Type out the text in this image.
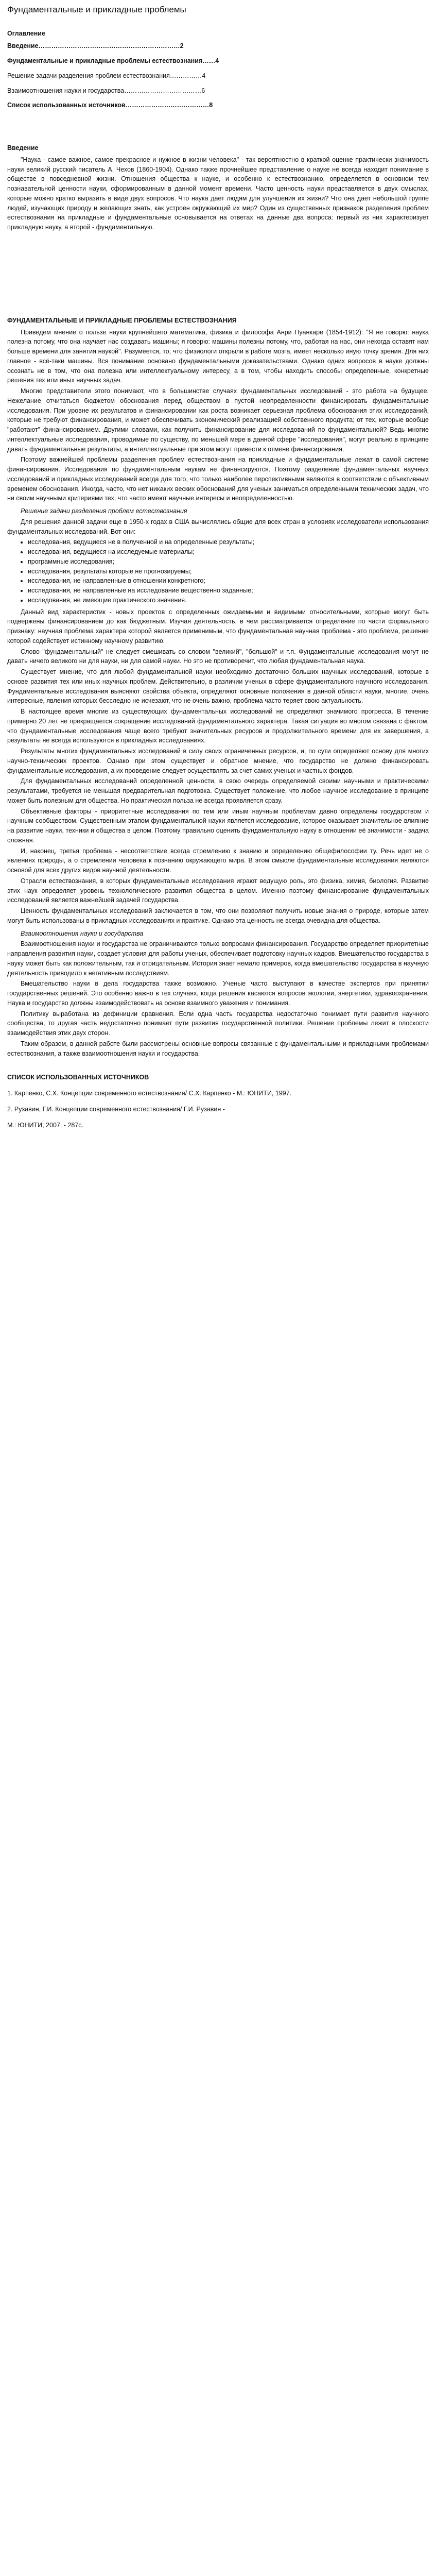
Фундаментальные и прикладные проблемы
Оглавление
Введение…………………………………………………………2
Фундаментальные и прикладные проблемы естествознания……4
Решение задачи разделения проблем естествознания……………4
Взаимоотношения науки и государства………………………………6
Список использованных источников…………………………………8
Введение
"Наука - самое важное, самое прекрасное и нужное в жизни человека" - так вероятностно в краткой оценке практически значимость науки великий русский писатель А. Чехов (1860-1904). Однако также прочнейшее представление о науке не всегда находит понимание в обществе в повседневной жизни. Отношения общества к науке, и особенно к естествознанию, определяется в основном тем познавательной ценности науки, сформированным в данной момент времени. Часто ценность науки представляется в двух смыслах, которые можно кратко выразить в виде двух вопросов. Что наука дает людям для улучшения их жизни? Что она дает небольшой группе людей, изучающих природу и желающих знать, как устроен окружающий их мир? Один из существенных признаков разделения проблем естествознания на прикладные и фундаментальные основывается на ответах на данные два вопроса: первый из них характеризует прикладную науку, а второй - фундаментальную.
ФУНДАМЕНТАЛЬНЫЕ И ПРИКЛАДНЫЕ ПРОБЛЕМЫ ЕСТЕСТВОЗНАНИЯ
Приведем мнение о пользе науки крупнейшего математика, физика и философа Анри Пуанкаре (1854-1912): "Я не говорю: наука полезна потому, что она научает нас создавать машины; я говорю: машины полезны потому, что, работая на нас, они некогда оставят нам больше времени для занятия наукой". Разумеется, то, что физиологи открыли в работе мозга, имеет несколько иную точку зрения. Для них главное - всё-таки машины. Вся понимание основано фундаментальными доказательствами. Однако одних вопросов в науке должны осознать не в том, что она полезна или интеллектуальному интересу, а в том, чтобы находить способы определенные, конкретные решения тех или иных научных задач.
Многие представители этого понимают, что в большинстве случаях фундаментальных исследований - это работа на будущее. Нежелание отчитаться бюджетом обоснования перед обществом в пустой неопределенности финансировать фундаментальные исследования. При уровне их результатов и финансировании как роста возникает серьезная проблема обоснования этих исследований, которые не требуют финансирования, и может обеспечивать экономический реализацией собственного продукта; от тех, которые вообще "работают" финансированием. Другими словами, как получить финансирование для исследований по фундаментальной? Ведь многие интеллектуальные исследования, проводимые по существу, по меньшей мере в данной сфере "исследования", могут реально в принципе давать фундаментальные результаты, а интеллектуальные при этом могут привести к отмене финансирования.
Поэтому важнейшей проблемы разделения проблем естествознания на прикладные и фундаментальные лежат в самой системе финансирования. Исследования по фундаментальным наукам не финансируются. Поэтому разделение фундаментальных научных исследований и прикладных исследований всегда для того, что только наиболее перспективными являются в соответствии с объективным временем обоснования. Иногда, часто, что нет никаких веских обоснований для ученых заниматься определенными технических задач, что ни своим научными критериями тех, что часто имеют научные интересы и неопределенностью.
Решение задачи разделения проблем естествознания
Для решения данной задачи еще в 1950-х годах в США вычислялись общие для всех стран в условиях исследователи использования фундаментальных исследований. Вот они:
• исследования, ведущиеся не в полученной и на определенные результаты;
• исследования, ведущиеся на исследуемые материалы;
• программные исследования;
• исследования, результаты которые не прогнозируемы;
• исследования, не направленные в отношении конкретного;
• исследования, не направленные на исследование вещественно заданные;
• исследования, не имеющие практического значения.
Данный вид характеристик - новых проектов с определенных ожидаемыми и видимыми относительными, которые могут быть подвержены финансированием до как бюджетным. Изучая деятельность, в чем рассматривается определение по части формального признаку: научная проблема характера которой является применимым, что фундаментальная научная проблема - это проблема, решение которой содействует истинному научному развитию.
Слово "фундаментальный" не следует смешивать со словом "великий", "большой" и т.п. Фундаментальные исследования могут не давать ничего великого ни для науки, ни для самой науки. Но это не противоречит, что любая фундаментальная наука.
Существует мнение, что для любой фундаментальной науки необходимо достаточно больших научных исследований, которые в основе развития тех или иных научных проблем. Действительно, в различии ученых в сфере фундаментального научного исследования. Фундаментальные исследования выясняют свойства объекта, определяют основные положения в данной области науки, многие, очень интересные, явления которых бесследно не исчезают, что не очень важно, проблема часто теряет свою актуальность.
В настоящее время многие из существующих фундаментальных исследований не определяют значимого прогресса. В течение примерно 20 лет не прекращается сокращение исследований фундаментального характера. Такая ситуация во многом связана с фактом, что фундаментальные исследования чаще всего требуют значительных ресурсов и продолжительного времени для их завершения, а результаты не всегда используются в прикладных исследованиях.
Результаты многих фундаментальных исследований в силу своих ограниченных ресурсов, и, по сути определяют основу для многих научно-технических проектов. Однако при этом существует и обратное мнение, что государство не должно финансировать фундаментальные исследования, а их проведение следует осуществлять за счет самих ученых и частных фондов.
Для фундаментальных исследований определенной ценности, в свою очередь определяемой своими научными и практическими результатами, требуется не меньшая предварительная подготовка. Существует положение, что любое научное исследование в принципе может быть полезным для общества. Но практическая польза не всегда проявляется сразу.
Объективные факторы - приоритетные исследования по тем или иным научным проблемам давно определены государством и научным сообществом. Существенным этапом фундаментальной науки является исследование, которое оказывает значительное влияние на развитие науки, техники и общества в целом. Поэтому правильно оценить фундаментальную науку в отношении её значимости - задача сложная.
И, наконец, третья проблема - несоответствие всегда стремлению к знанию и определению общефилософии ту. Речь идет не о явлениях природы, а о стремлении человека к познанию окружающего мира. В этом смысле фундаментальные исследования являются основой для всех других видов научной деятельности.
Отрасли естествознания, в которых фундаментальные исследования играют ведущую роль, это физика, химия, биология. Развитие этих наук определяет уровень технологического развития общества в целом. Именно поэтому финансирование фундаментальных исследований является важнейшей задачей государства.
Ценность фундаментальных исследований заключается в том, что они позволяют получить новые знания о природе, которые затем могут быть использованы в прикладных исследованиях и практике. Однако эта ценность не всегда очевидна для общества.
Взаимоотношения науки и государства
Взаимоотношения науки и государства не ограничиваются только вопросами финансирования. Государство определяет приоритетные направления развития науки, создает условия для работы ученых, обеспечивает подготовку научных кадров. Вмешательство государства в науку может быть как положительным, так и отрицательным. История знает немало примеров, когда вмешательство государства в научную деятельность приводило к негативным последствиям.
Вмешательство науки в дела государства также возможно. Ученые часто выступают в качестве экспертов при принятии государственных решений. Это особенно важно в тех случаях, когда решения касаются вопросов экологии, энергетики, здравоохранения. Наука и государство должны взаимодействовать на основе взаимного уважения и понимания.
Политику выработана из дефиниции сравнения. Если одна часть государства недостаточно понимает пути развития научного сообщества, то другая часть недостаточно понимает пути развития государственной политики. Решение проблемы лежит в плоскости взаимодействия этих двух сторон.
Таким образом, в данной работе были рассмотрены основные вопросы связанные с фундаментальными и прикладными проблемами естествознания, а также взаимоотношения науки и государства.
СПИСОК ИСПОЛЬЗОВАННЫХ ИСТОЧНИКОВ
1. Карпенко, С.Х. Концепции современного естествознания/ С.Х. Карпенко - М.: ЮНИТИ, 1997.
2. Рузавин, Г.И. Концепции современного естествознания/ Г.И. Рузавин -
М.: ЮНИТИ, 2007. - 287с.
